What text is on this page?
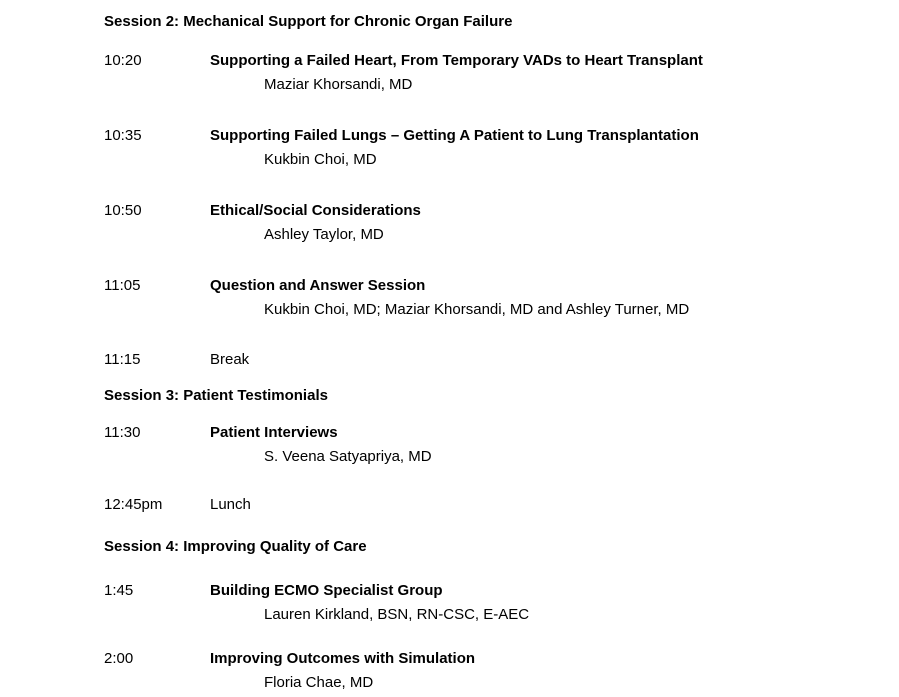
Session 2: Mechanical Support for Chronic Organ Failure
10:20	Supporting a Failed Heart, From Temporary VADs to Heart Transplant
Maziar Khorsandi, MD
10:35	Supporting Failed Lungs – Getting A Patient to Lung Transplantation
Kukbin Choi, MD
10:50	Ethical/Social Considerations
Ashley Taylor, MD
11:05	Question and Answer Session
Kukbin Choi, MD; Maziar Khorsandi, MD and Ashley Turner, MD
11:15	Break
Session 3: Patient Testimonials
11:30	Patient Interviews
S. Veena Satyapriya, MD
12:45pm	Lunch
Session 4: Improving Quality of Care
1:45	Building ECMO Specialist Group
Lauren Kirkland, BSN, RN-CSC, E-AEC
2:00	Improving Outcomes with Simulation
Floria Chae, MD
